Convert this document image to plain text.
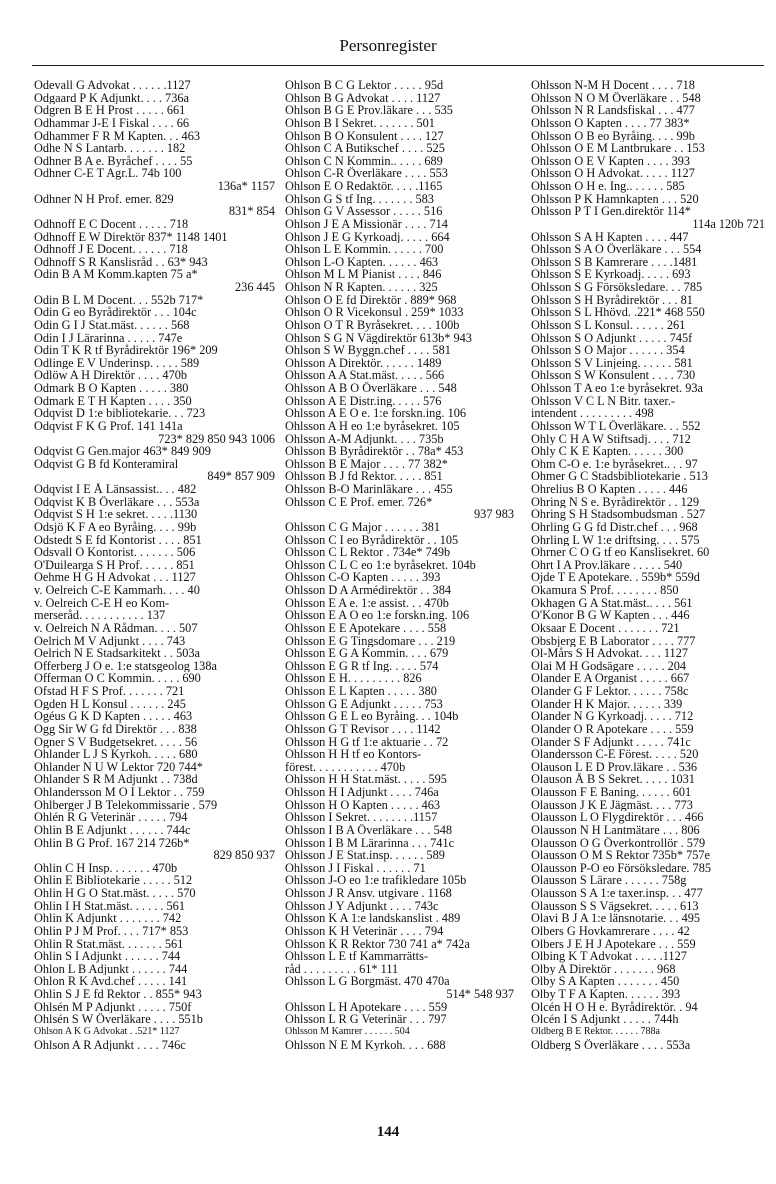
Personregister
Odevall G Advokat . . . . . .1127
Odgaard P K Adjunkt. . . . 736a
Odgren B E H Prost . . . . . 661
Odhammar J-E I Fiskal . . . . 66
Odhammer F R M Kapten. . . 463
Odhe N S Lantarb. . . . . . . 182
Odhner B A e. Byråchef . . . . 55
Odhner C-E T Agr.L. 74b 100
136a* 1157
Odhner N H Prof. emer. 829
831* 854
Odhnoff E C Docent . . . . . 718
Odhnoff E W Direktör 837* 1148 1401
Odhnoff J E Docent. . . . . . 718
Odhnoff S R Kanslisråd . . 63* 943
Odin B A M Komm.kapten 75 a*
236 445
Odin B L M Docent. . . 552b 717*
Odin G eo Byrådirektör . . . 104c
Odin G I J Stat.mäst. . . . . . 568
Odin I J Lärarinna . . . . . 747e
Odin T K R tf Byrådirektör 196* 209
Odlinge E V Underinsp. . . . . 589
Odlöw A H Direktör . . . . 470b
Odmark B O Kapten . . . . . 380
Odmark E T H Kapten . . . . 350
Odqvist D 1:e bibliotekarie. . . 723
Odqvist F K G Prof. 141 141a
723* 829 850 943 1006
Odqvist G Gen.major 463* 849 909
Odqvist G B fd Konteramiral
849* 857 909
Odqvist I E Å Länsassist.. . . 482
Odqvist K B Överläkare . . . 553a
Odqvist S H 1:e sekret. . . . .1130
Odsjö K F A eo Byråing. . . . 99b
Odstedt S E fd Kontorist . . . . 851
Odsvall O Kontorist. . . . . . . 506
O'Duilearga S H Prof. . . . . . 851
Oehme H G H Advokat . . . 1127
v. Oelreich C-E Kammarh. . . . 40
v. Oelreich C-E H eo Kom-
merseråd. . . . . . . . . . . 137
v. Oelreich N A Rådman. . . . 507
Oelrich M V Adjunkt . . . . 743
Oelrich N E Stadsarkitekt . . 503a
Offerberg J O e. 1:e statsgeolog 138a
Offerman O C Kommin. . . . . 690
Ofstad H F S Prof. . . . . . . 721
Ogden H L Konsul . . . . . . 245
Ogéus G K D Kapten . . . . . 463
Ogg Sir W G fd Direktör . . . 838
Ogner S V Budgetsekret. . . . . 56
Ohlander L J S Kyrkoh. . . . . 680
Ohlander N U W Lektor 720 744*
Ohlander S R M Adjunkt . . 738d
Ohlandersson M O I Lektor . . 759
Ohlberger J B Telekommissarie . 579
Ohlén R G Veterinär . . . . . 794
Ohlin B E Adjunkt . . . . . . 744c
Ohlin B G Prof. 167 214 726b*
829 850 937
Ohlin C H Insp. . . . . . . 470b
Ohlin E Bibliotekarie . . . . . 512
Ohlin H G O Stat.mäst. . . . . 570
Ohlin I H Stat.mäst. . . . . . 561
Ohlin K Adjunkt . . . . . . . 742
Ohlin P J M Prof. . . . 717* 853
Ohlin R Stat.mäst. . . . . . . 561
Ohlin S I Adjunkt . . . . . . 744
Ohlon L B Adjunkt . . . . . . 744
Ohlon R K Avd.chef . . . . . 141
Ohlin S J E fd Rektor . . 855* 943
Ohlsén M P Adjunkt . . . . . 750f
Ohlsén S W Överläkare . . . . 551b
Ohlson A K G Advokat . .521* 1127
Ohlson A R Adjunkt . . . . 746c
Ohlson B C G Lektor . . . . . 95d
Ohlson B G Advokat . . . . 1127
Ohlson B G E Prov.läkare . . . 535
Ohlson B I Sekret. . . . . . . 501
Ohlson B O Konsulent . . . . 127
Ohlson C A Butikschef . . . . 525
Ohlson C N Kommin.. . . . . 689
Ohlson C-R Överläkare . . . . 553
Ohlson E O Redaktör. . . . .1165
Ohlson G S tf Ing. . . . . . . 583
Ohlson G V Assessor . . . . . 516
Ohlson J E A Missionär . . . . 714
Ohlson J E G Kyrkoadj. . . . . 664
Ohlson L E Kommin. . . . . . 700
Ohlson L-O Kapten. . . . . . 463
Ohlson M L M Pianist . . . . 846
Ohlson N R Kapten. . . . . . 325
Ohlson O E fd Direktör . 889* 968
Ohlson O R Vicekonsul . 259* 1033
Ohlson O T R Byråsekret. . . . 100b
Ohlson S G N Vägdirektör 613b* 943
Ohlson S W Byggn.chef . . . . 581
Ohlsson A Direktör. . . . . . 1489
Ohlsson A A Stat.mäst. . . . . 566
Ohlsson A B O Överläkare . . . 548
Ohlsson A E Distr.ing. . . . . 576
Ohlsson A E O e. 1:e forskn.ing. 106
Ohlsson A H eo 1:e byråsekret. 105
Ohlsson A-M Adjunkt. . . . 735b
Ohlsson B Byrådirektör . . 78a* 453
Ohlsson B E Major . . . . 77 382*
Ohlsson B J fd Rektor. . . . . 851
Ohlsson B-O Marinläkare . . . 455
Ohlsson C E Prof. emer. 726*
937 983
Ohlsson C G Major . . . . . . 381
Ohlsson C I eo Byrådirektör . . 105
Ohlsson C L Rektor . 734e* 749b
Ohlsson C L C eo 1:e byråsekret. 104b
Ohlsson C-O Kapten . . . . . 393
Ohlsson D A Armédirektör . . 384
Ohlsson E A e. 1:e assist. . . 470b
Ohlsson E A O eo 1:e forskn.ing. 106
Ohlsson E E Apotekare . . . . 558
Ohlsson E G Tingsdomare . . . 219
Ohlsson E G A Kommin. . . . 679
Ohlsson E G R tf Ing. . . . . 574
Ohlsson E H. . . . . . . . . 826
Ohlsson E L Kapten . . . . . 380
Ohlsson G E Adjunkt . . . . . 753
Ohlsson G E L eo Byråing. . . 104b
Ohlsson G T Revisor . . . . 1142
Ohlsson H G tf 1:e aktuarie . . 72
Ohlsson H H tf eo Kontors-
förest. . . . . . . . . . . 470b
Ohlsson H H Stat.mäst. . . . . 595
Ohlsson H I Adjunkt . . . . 746a
Ohlsson H O Kapten . . . . . 463
Ohlsson I Sekret. . . . . . . .1157
Ohlsson I B A Överläkare . . . 548
Ohlsson I B M Lärarinna . . . 741c
Ohlsson J E Stat.insp. . . . . . 589
Ohlsson J I Fiskal . . . . . . 71
Ohlsson J-O eo 1:e trafikledare 105b
Ohlsson J R Ansv. utgivare . 1168
Ohlsson J Y Adjunkt . . . . 743c
Ohlsson K A 1:e landskanslist . 489
Ohlsson K H Veterinär . . . . 794
Ohlsson K R Rektor 730 741 a* 742a
Ohlsson L E tf Kammarrätts-
råd . . . . . . . . . 61* 111
Ohlsson L G Borgmäst. 470 470a
514* 548 937
Ohlsson L H Apotekare . . . . 559
Ohlsson L R G Veterinär . . . 797
Ohlsson M Kamrer . . . . . . 504
Ohlsson N E M Kyrkoh. . . . 688
Ohlsson N-M H Docent . . . . 718
Ohlsson N O M Överläkare . . 548
Ohlsson N R Landsfiskal . . . 477
Ohlsson O Kapten . . . . 77 383*
Ohlsson O B eo Byråing. . . . 99b
Ohlsson O E M Lantbrukare . . 153
Ohlsson O E V Kapten . . . . 393
Ohlsson O H Advokat. . . . . 1127
Ohlsson O H e. Ing.. . . . . . 585
Ohlsson P K Hamnkapten . . . 520
Ohlsson P T I Gen.direktör 114*
114a 120b 721
Ohlsson S A H Kapten . . . . 447
Ohlsson S A O Överläkare . . . 554
Ohlsson S B Kamrerare . . . .1481
Ohlsson S E Kyrkoadj. . . . . 693
Ohlsson S G Försöksledare. . . 785
Ohlsson S H Byrådirektör . . . 81
Ohlsson S L Hhövd. .221* 468 550
Ohlsson S L Konsul. . . . . . 261
Ohlsson S O Adjunkt . . . . . 745f
Ohlsson S O Major . . . . . . 354
Ohlsson S V Linjeing. . . . . . 581
Ohlsson S W Konsulent . . . . 730
Ohlsson T A eo 1:e byråsekret. 93a
Ohlsson V C L N Bitr. taxer.-
intendent . . . . . . . . . 498
Ohlsson W T L Överläkare. . . 552
Ohly C H A W Stiftsadj. . . . 712
Ohly C K E Kapten. . . . . . 300
Ohm C-O e. 1:e byråsekret.. . . 97
Ohmer G C Stadsbibliotekarie . 513
Ohrelius B O Kapten . . . . . 446
Ohring N S e. Byrådirektör . . 129
Ohring S H Stadsombudsman . 527
Ohrling G G fd Distr.chef . . . 968
Ohrling L W 1:e driftsing. . . . 575
Ohrner C O G tf eo Kanslisekret. 60
Ohrt I A Prov.läkare . . . . . 540
Ojde T E Apotekare. . 559b* 559d
Okamura S Prof. . . . . . . . 850
Okhagen G A Stat.mäst.. . . . 561
O'Konor B G W Kapten . . . 446
Oksaar E Docent . . . . . . . 721
Obsbjerg E B Laborator . . . . 777
Ol-Mårs S H Advokat. . . . 1127
Olai M H Godsägare . . . . . 204
Olander E A Organist . . . . . 667
Olander G F Lektor. . . . . . 758c
Olander H K Major. . . . . . 339
Olander N G Kyrkoadj. . . . . 712
Olander O R Apotekare . . . . 559
Olander S F Adjunkt . . . . . 741c
Olandersson C-E Förest. . . . . 520
Olauson L E D Prov.läkare . . 536
Olauson Å B S Sekret. . . . . 1031
Olausson F E Baning. . . . . . 601
Olausson J K E Jägmäst. . . . 773
Olausson L O Flygdirektör . . . 466
Olausson N H Lantmätare . . . 806
Olausson O G Överkontrollör . 579
Olausson O M S Rektor 735b* 757e
Olausson P-O eo Försöksledare. 785
Olausson S Lärare . . . . . . 758g
Olausson S A 1:e taxer.insp. . . 477
Olausson S S Vägsekret. . . . . 613
Olavi B J A 1:e länsnotarie. . . 495
Olbers G Hovkamrerare . . . . 42
Olbers J E H J Apotekare . . . 559
Olbing K T Advokat . . . . .1127
Olby A Direktör . . . . . . . 968
Olby S A Kapten . . . . . . . 450
Olby T F A Kapten. . . . . . 393
Olcén H O H e. Byrådirektör. . 94
Olcén I S Adjunkt . . . . . 744h
Oldberg B E Rektor. . . . . . 788a
Oldberg S Överläkare . . . . 553a
144
